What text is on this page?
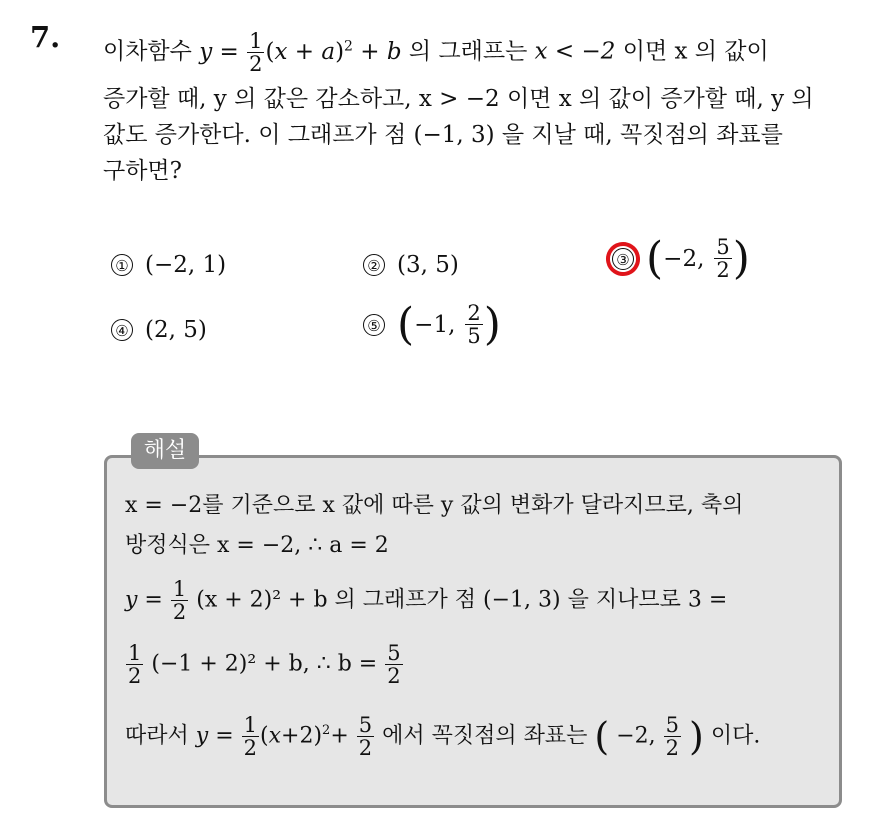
7. 이차함수 $y = \frac{1}{2} (x + a)^2 + b$ 의 그래프는 x < −2 이면 x 의 값이
증가할 때, y 의 값은 감소하고, x > −2 이면 x 의 값이 증가할 때, y 의
값도 증가한다. 이 그래프가 점 (−1, 3) 을 지날 때, 꼭짓점의 좌표를
구하면?
① (−2, 1)	② (3, 5)	③ ( −2, $\frac{5}{2}$ )
④ (2, 5)	⑤ ( −1, $\frac{2}{5}$ )
해설
x = −2를 기준으로 x 값에 따른 y 값의 변화가 달라지므로, 축의
방정식은 x = −2, ∴ a = 2
$y = \frac{1}{2} (x + 2)^2 + b$ 의 그래프가 점 (−1, 3) 을 지나므로 3 =
$\frac{1}{2} (-1 + 2)^2 + b$, ∴ $b = \frac{5}{2}$
따라서 $y = \frac{1}{2} (x+2)^2+ \frac{5}{2}$ 에서 꼭짓점의 좌표는 ( −2, $\frac{5}{2}$ ) 이다.
